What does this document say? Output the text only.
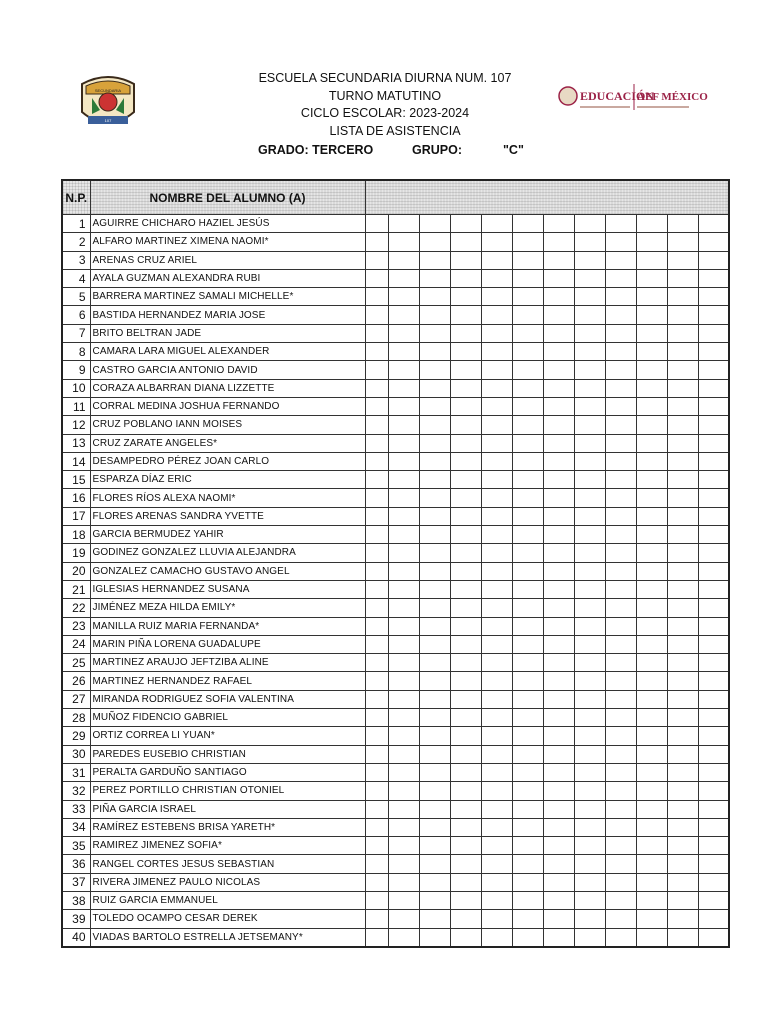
SECUNDARIA
107
EDUCACIÓN
AEF MÉXICO
ESCUELA SECUNDARIA DIURNA NUM. 107
TURNO MATUTINO
CICLO ESCOLAR: 2023-2024
LISTA DE ASISTENCIA
GRADO: TERCERO	GRUPO:	"C"
N.P.	NOMBRE DEL ALUMNO (A)												
1	AGUIRRE CHICHARO HAZIEL JESÚS												
2	ALFARO MARTINEZ XIMENA NAOMI*												
3	ARENAS CRUZ ARIEL												
4	AYALA GUZMAN ALEXANDRA RUBI												
5	BARRERA MARTINEZ SAMALI MICHELLE*												
6	BASTIDA HERNANDEZ MARIA JOSE												
7	BRITO BELTRAN JADE												
8	CAMARA LARA MIGUEL ALEXANDER												
9	CASTRO GARCIA ANTONIO DAVID												
10	CORAZA ALBARRAN DIANA LIZZETTE												
11	CORRAL MEDINA JOSHUA FERNANDO												
12	CRUZ POBLANO IANN MOISES												
13	CRUZ ZARATE ANGELES*												
14	DESAMPEDRO PÉREZ JOAN CARLO												
15	ESPARZA DÍAZ ERIC												
16	FLORES RÍOS ALEXA NAOMI*												
17	FLORES ARENAS SANDRA YVETTE												
18	GARCIA BERMUDEZ YAHIR												
19	GODINEZ GONZALEZ LLUVIA ALEJANDRA												
20	GONZALEZ CAMACHO GUSTAVO ANGEL												
21	IGLESIAS HERNANDEZ SUSANA												
22	JIMÉNEZ MEZA HILDA EMILY*												
23	MANILLA RUIZ MARIA FERNANDA*												
24	MARIN PIÑA LORENA GUADALUPE												
25	MARTINEZ ARAUJO JEFTZIBA ALINE												
26	MARTINEZ HERNANDEZ RAFAEL												
27	MIRANDA RODRIGUEZ SOFIA VALENTINA												
28	MUÑOZ FIDENCIO GABRIEL												
29	ORTIZ CORREA LI YUAN*												
30	PAREDES EUSEBIO CHRISTIAN												
31	PERALTA GARDUÑO SANTIAGO												
32	PEREZ PORTILLO CHRISTIAN OTONIEL												
33	PIÑA GARCIA ISRAEL												
34	RAMÍREZ ESTEBENS BRISA YARETH*												
35	RAMIREZ JIMENEZ SOFIA*												
36	RANGEL CORTES JESUS SEBASTIAN												
37	RIVERA JIMENEZ PAULO NICOLAS												
38	RUIZ GARCIA EMMANUEL												
39	TOLEDO OCAMPO CESAR DEREK												
40	VIADAS BARTOLO ESTRELLA JETSEMANY*												
